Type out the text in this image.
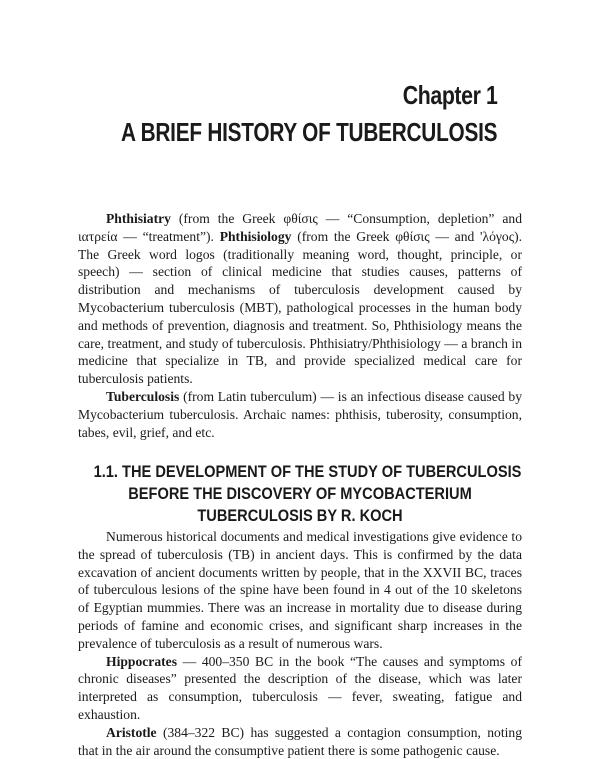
Chapter 1
A BRIEF HISTORY OF TUBERCULOSIS

Phthisiatry (from the Greek φθίσις — “Consumption, depletion” and ιατρεία — “treatment”). Phthisiology (from the Greek φθίσις — and 'λόγος). The Greek word logos (traditionally meaning word, thought, principle, or speech) — section of clinical medicine that studies causes, patterns of distribution and mechanisms of tuberculosis development caused by Mycobacterium tuberculosis (MBT), pathological processes in the human body and methods of prevention, diagnosis and treatment. So, Phthisiology means the care, treatment, and study of tuberculosis. Phthisiatry/Phthisiology — a branch in medicine that specialize in TB, and provide specialized medical care for tuberculosis patients.

Tuberculosis (from Latin tuberculum) — is an infectious disease caused by Mycobacterium tuberculosis. Archaic names: phthisis, tuberosity, consumption, tabes, evil, grief, and etc.

1.1. THE DEVELOPMENT OF THE STUDY OF TUBERCULOSIS
BEFORE THE DISCOVERY OF MYCOBACTERIUM
TUBERCULOSIS BY R. KOCH

Numerous historical documents and medical investigations give evidence to the spread of tuberculosis (TB) in ancient days. This is confirmed by the data excavation of ancient documents written by people, that in the XXVII BC, traces of tuberculous lesions of the spine have been found in 4 out of the 10 skeletons of Egyptian mummies. There was an increase in mortality due to disease during periods of famine and economic crises, and significant sharp increases in the prevalence of tuberculosis as a result of numerous wars.

Hippocrates — 400–350 BC in the book “The causes and symptoms of chronic diseases” presented the description of the disease, which was later interpreted as consumption, tuberculosis — fever, sweating, fatigue and exhaustion.

Aristotle (384–322 BC) has suggested a contagion consumption, noting that in the air around the consumptive patient there is some pathogenic cause.
